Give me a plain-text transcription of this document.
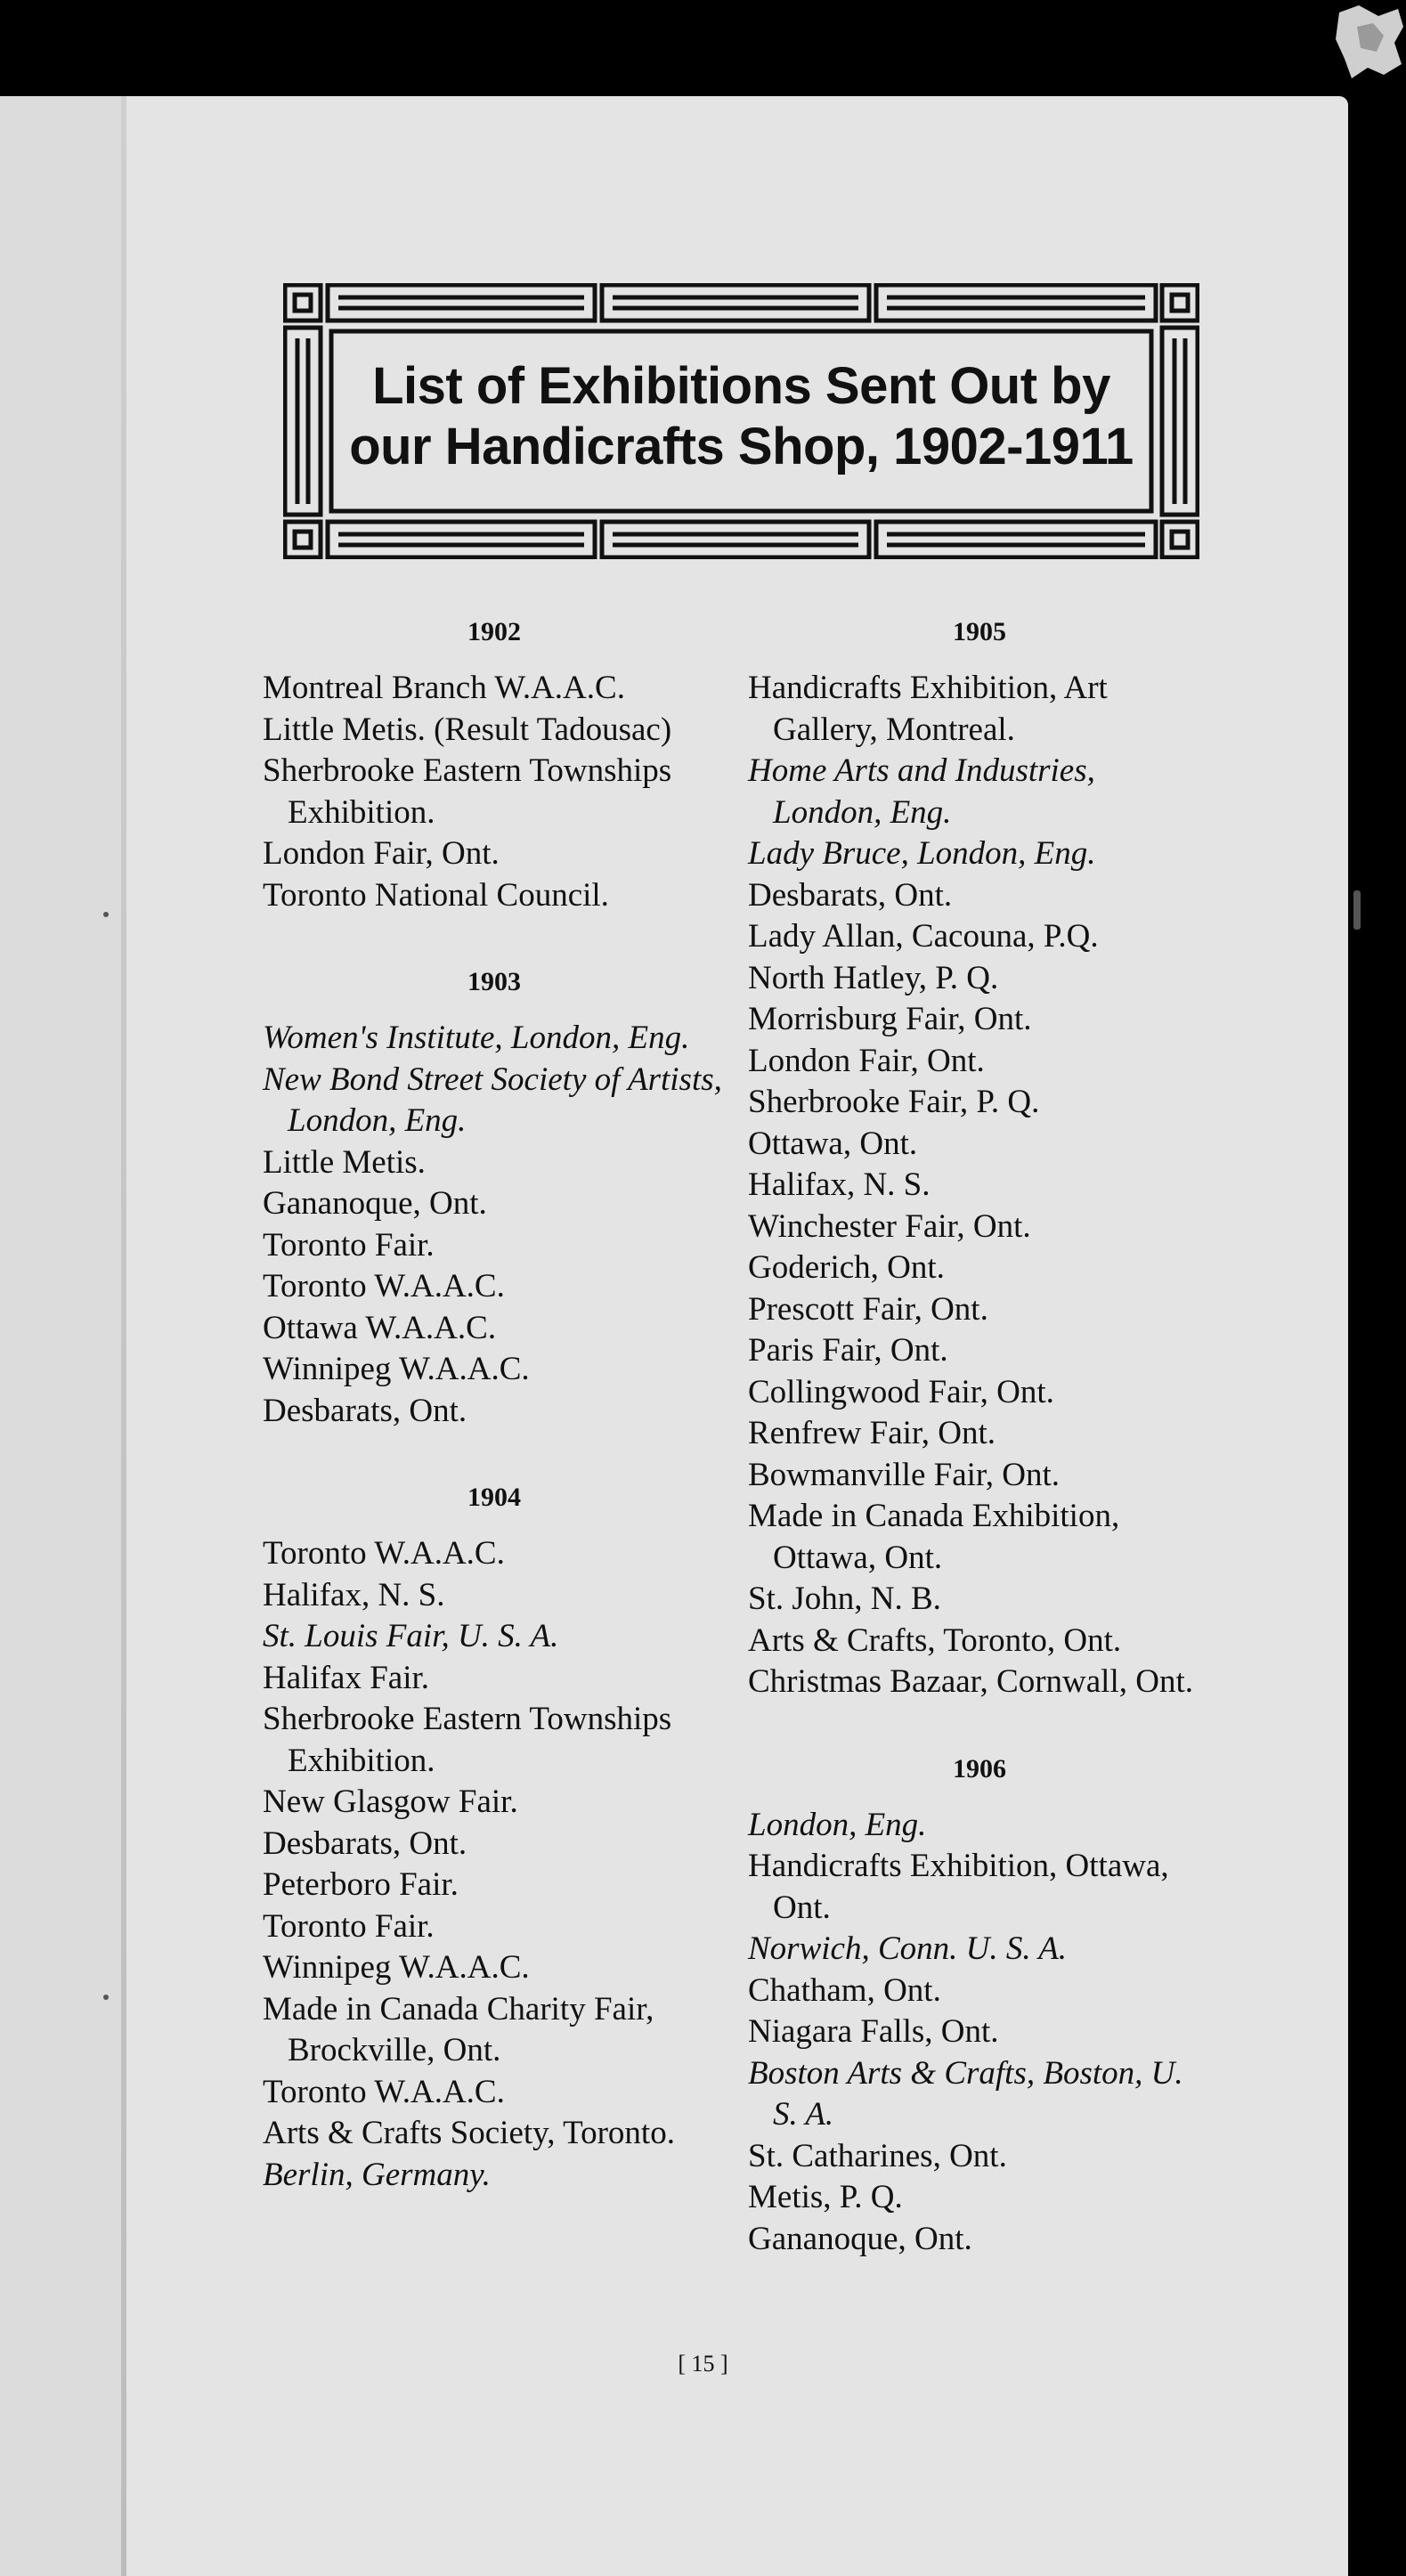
List of Exhibitions Sent Out by
our Handicrafts Shop, 1902-1911
1902
Montreal Branch W.A.A.C.
Little Metis. (Result Tadousac)
Sherbrooke Eastern Townships Exhibition.
London Fair, Ont.
Toronto National Council.
1903
Women's Institute, London, Eng.
New Bond Street Society of Artists, London, Eng.
Little Metis.
Gananoque, Ont.
Toronto Fair.
Toronto W.A.A.C.
Ottawa W.A.A.C.
Winnipeg W.A.A.C.
Desbarats, Ont.
1904
Toronto W.A.A.C.
Halifax, N. S.
St. Louis Fair, U. S. A.
Halifax Fair.
Sherbrooke Eastern Townships Exhibition.
New Glasgow Fair.
Desbarats, Ont.
Peterboro Fair.
Toronto Fair.
Winnipeg W.A.A.C.
Made in Canada Charity Fair, Brockville, Ont.
Toronto W.A.A.C.
Arts & Crafts Society, Toronto.
Berlin, Germany.
1905
Handicrafts Exhibition, Art Gallery, Montreal.
Home Arts and Industries, London, Eng.
Lady Bruce, London, Eng.
Desbarats, Ont.
Lady Allan, Cacouna, P.Q.
North Hatley, P. Q.
Morrisburg Fair, Ont.
London Fair, Ont.
Sherbrooke Fair, P. Q.
Ottawa, Ont.
Halifax, N. S.
Winchester Fair, Ont.
Goderich, Ont.
Prescott Fair, Ont.
Paris Fair, Ont.
Collingwood Fair, Ont.
Renfrew Fair, Ont.
Bowmanville Fair, Ont.
Made in Canada Exhibition, Ottawa, Ont.
St. John, N. B.
Arts & Crafts, Toronto, Ont.
Christmas Bazaar, Cornwall, Ont.
1906
London, Eng.
Handicrafts Exhibition, Ottawa, Ont.
Norwich, Conn. U. S. A.
Chatham, Ont.
Niagara Falls, Ont.
Boston Arts & Crafts, Boston, U. S. A.
St. Catharines, Ont.
Metis, P. Q.
Gananoque, Ont.
[ 15 ]
